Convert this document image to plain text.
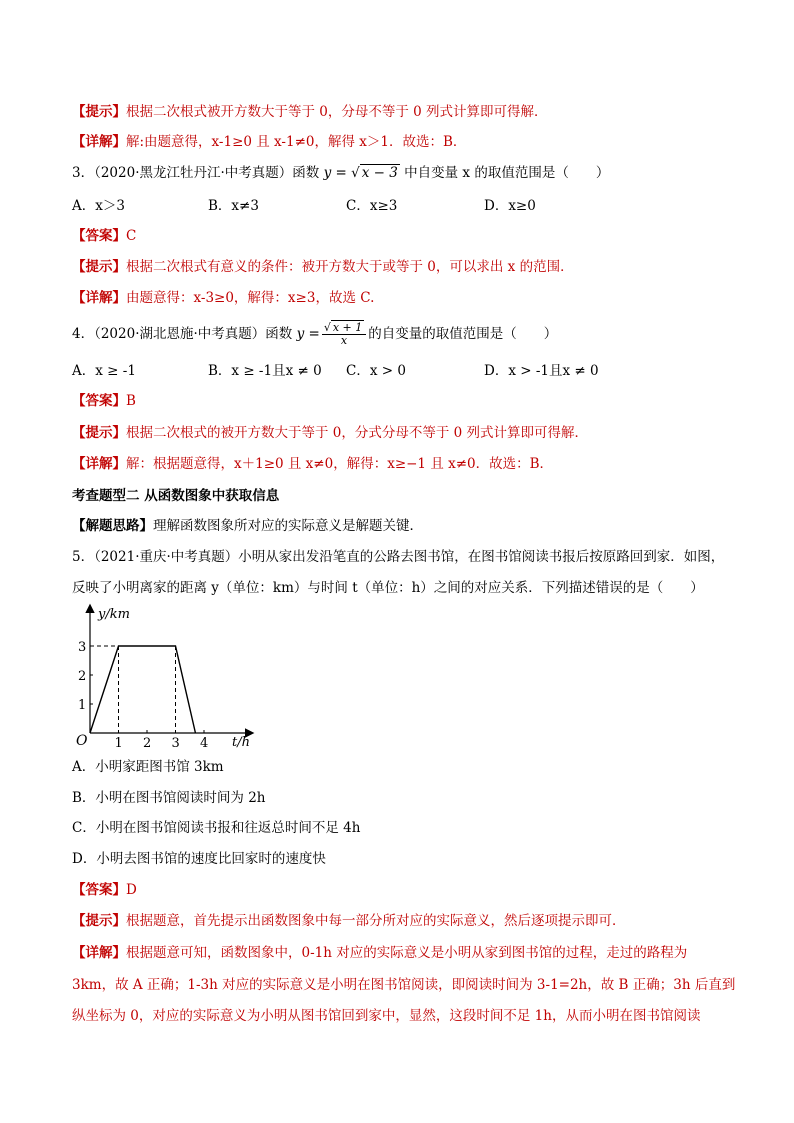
【提示】根据二次根式被开方数大于等于 0，分母不等于 0 列式计算即可得解．
【详解】解:由题意得，x-1≥0 且 x-1≠0，解得 x＞1．故选：B．
3．（2020·黑龙江牡丹江·中考真题）函数 y = √ x − 3 中自变量 x 的取值范围是（　　）
A．x＞3	B．x≠3	C．x≥3	D．x≥0
【答案】C
【提示】根据二次根式有意义的条件：被开方数大于或等于 0，可以求出 x 的范围．
【详解】由题意得：x-3≥0，解得：x≥3，故选 C.
4．（2020·湖北恩施·中考真题）函数 $y = \frac{√ x + 1}{x}$ 的自变量的取值范围是（　　）
A．x ≥ -1	B．x ≥ -1且x ≠ 0 C．x > 0	D．x > -1且x ≠ 0
【答案】B
【提示】根据二次根式的被开方数大于等于 0，分式分母不等于 0 列式计算即可得解．
【详解】解：根据题意得，x＋1≥0 且 x≠0，解得：x≥−1 且 x≠0．故选：B．
考查题型二 从函数图象中获取信息
【解题思路】理解函数图象所对应的实际意义是解题关键．
5．（2021·重庆·中考真题）小明从家出发沿笔直的公路去图书馆，在图书馆阅读书报后按原路回到家．如图，
反映了小明离家的距离 y（单位：km）与时间 t（单位：h）之间的对应关系．下列描述错误的是（　　）
1 2 3 4
1
2
3
y/km
t/h
O
A．小明家距图书馆 3km
B．小明在图书馆阅读时间为 2h
C．小明在图书馆阅读书报和往返总时间不足 4h
D．小明去图书馆的速度比回家时的速度快
【答案】D
【提示】根据题意，首先提示出函数图象中每一部分所对应的实际意义，然后逐项提示即可．
【详解】根据题意可知，函数图象中，0-1h 对应的实际意义是小明从家到图书馆的过程，走过的路程为
3km，故 A 正确；1-3h 对应的实际意义是小明在图书馆阅读，即阅读时间为 3-1=2h，故 B 正确；3h 后直到
纵坐标为 0，对应的实际意义为小明从图书馆回到家中，显然，这段时间不足 1h，从而小明在图书馆阅读
